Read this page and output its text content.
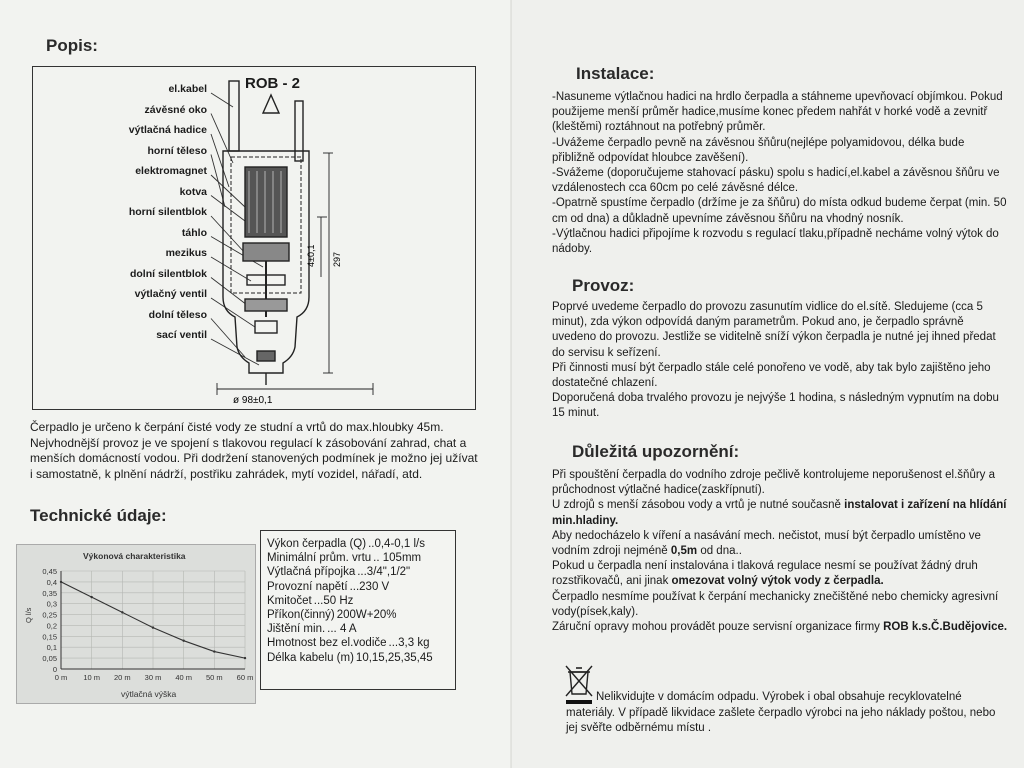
Popis:
ROB - 2
el.kabel
závěsné oko
výtlačná hadice
horní těleso
elektromagnet
kotva
horní silentblok
táhlo
mezikus
dolní silentblok
výtlačný ventil
dolní těleso
sací ventil
ø 98±0,1
4±0,1 297
Čerpadlo je určeno k čerpání čisté vody ze studní a vrtů do max.hloubky 45m. Nejvhodnější provoz je ve spojení s tlakovou regulací k zásobování zahrad, chat a menších domácností vodou. Při dodržení stanovených podmínek je možno jej užívat i samostatně, k plnění nádrží, postřiku zahrádek, mytí vozidel, nářadí, atd.
Technické údaje:
Výkonová charakteristika
0
0,05
0,1
0,15
0,2
0,25
0,3
0,35
0,4
0,45
0 m 10 m 20 m 30 m 40 m 50 m 60 m
Q l/s
výtlačná výška
Výkon čerpadla (Q) ..0,4-0,1 l/s
Minimální prům. vrtu .. 105mm
Výtlačná přípojka ...3/4",1/2"
Provozní napětí ...230 V
Kmitočet ...50 Hz
Příkon(činný) 200W+20%
Jištění min. ... 4 A
Hmotnost bez el.vodiče ...3,3 kg
Délka kabelu (m) 10,15,25,35,45
Instalace:

-Nasuneme výtlačnou hadici na hrdlo čerpadla a stáhneme upevňovací objímkou. Pokud použijeme menší průměr hadice,musíme konec předem nahřát v horké vodě a zevnitř (kleštěmi) roztáhnout na potřebný průměr.

-Uvážeme čerpadlo pevně na závěsnou šňůru(nejlépe polyamidovou, délka bude přibližně odpovídat hloubce zavěšení).

-Svážeme (doporučujeme stahovací pásku) spolu s hadicí,el.kabel a závěsnou šňůru ve vzdálenostech cca 60cm po celé závěsné délce.

-Opatrně spustíme čerpadlo (držíme je za šňůru) do místa odkud budeme čerpat (min. 50 cm od dna) a důkladně upevníme závěsnou šňůru na vhodný nosník.

-Výtlačnou hadici připojíme k rozvodu s regulací tlaku,případně necháme volný výtok do nádoby.

Provoz:

Poprvé uvedeme čerpadlo do provozu zasunutím vidlice do el.sítě. Sledujeme (cca 5 minut), zda výkon odpovídá daným parametrům. Pokud ano, je čerpadlo správně uvedeno do provozu. Jestliže se viditelně sníží výkon čerpadla je nutné jej ihned předat do servisu k seřízení.

Při činnosti musí být čerpadlo stále celé ponořeno ve vodě, aby tak bylo zajištěno jeho dostatečné chlazení.

Doporučená doba trvalého provozu je nejvýše 1 hodina, s následným vypnutím na dobu 15 minut.

Důležitá upozornění:

Při spouštění čerpadla do vodního zdroje pečlivě kontrolujeme neporušenost el.šňůry a průchodnost výtlačné hadice(zaskřípnutí).

U zdrojů s menší zásobou vody a vrtů je nutné současně instalovat i zařízení na hlídání min.hladiny.

Aby nedocházelo k víření a nasávání mech. nečistot, musí být čerpadlo umístěno ve vodním zdroji nejméně 0,5m od dna..

Pokud u čerpadla není instalována i tlaková regulace nesmí se používat žádný druh rozstřikovačů, ani jinak omezovat volný výtok vody z čerpadla.

Čerpadlo nesmíme používat k čerpání mechanicky znečištěné nebo chemicky agresivní vody(písek,kaly).

Záruční opravy mohou provádět pouze servisní organizace firmy ROB k.s.Č.Budějovice.

Nelikvidujte v domácím odpadu. Výrobek i obal obsahuje recyklovatelné materiály. V případě likvidace zašlete čerpadlo výrobci na jeho náklady poštou, nebo jej svěřte odběrnému místu .
